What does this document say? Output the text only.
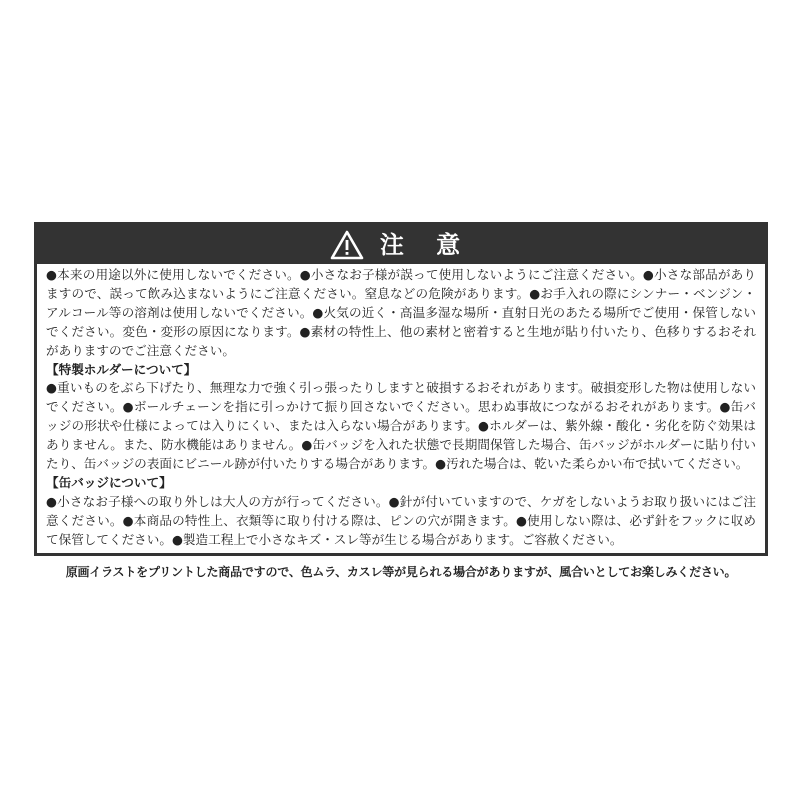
注 意

●本来の用途以外に使用しないでください。●小さなお子様が誤って使用しないようにご注意ください。●小さな部品がありますので、誤って飲み込まないようにご注意ください。窒息などの危険があります。●お手入れの際にシンナー・ベンジン・アルコール等の溶剤は使用しないでください。●火気の近く・高温多湿な場所・直射日光のあたる場所でご使用・保管しないでください。変色・変形の原因になります。●素材の特性上、他の素材と密着すると生地が貼り付いたり、色移りするおそれがありますのでご注意ください。

【特製ホルダーについて】

●重いものをぶら下げたり、無理な力で強く引っ張ったりしますと破損するおそれがあります。破損変形した物は使用しないでください。●ボールチェーンを指に引っかけて振り回さないでください。思わぬ事故につながるおそれがあります。●缶バッジの形状や仕様によっては入りにくい、または入らない場合があります。●ホルダーは、紫外線・酸化・劣化を防ぐ効果はありません。また、防水機能はありません。●缶バッジを入れた状態で長期間保管した場合、缶バッジがホルダーに貼り付いたり、缶バッジの表面にビニール跡が付いたりする場合があります。●汚れた場合は、乾いた柔らかい布で拭いてください。

【缶バッジについて】

●小さなお子様への取り外しは大人の方が行ってください。●針が付いていますので、ケガをしないようお取り扱いにはご注意ください。●本商品の特性上、衣類等に取り付ける際は、ピンの穴が開きます。●使用しない際は、必ず針をフックに収めて保管してください。●製造工程上で小さなキズ・スレ等が生じる場合があります。ご容赦ください。

原画イラストをプリントした商品ですので、色ムラ、カスレ等が見られる場合がありますが、風合いとしてお楽しみください。
